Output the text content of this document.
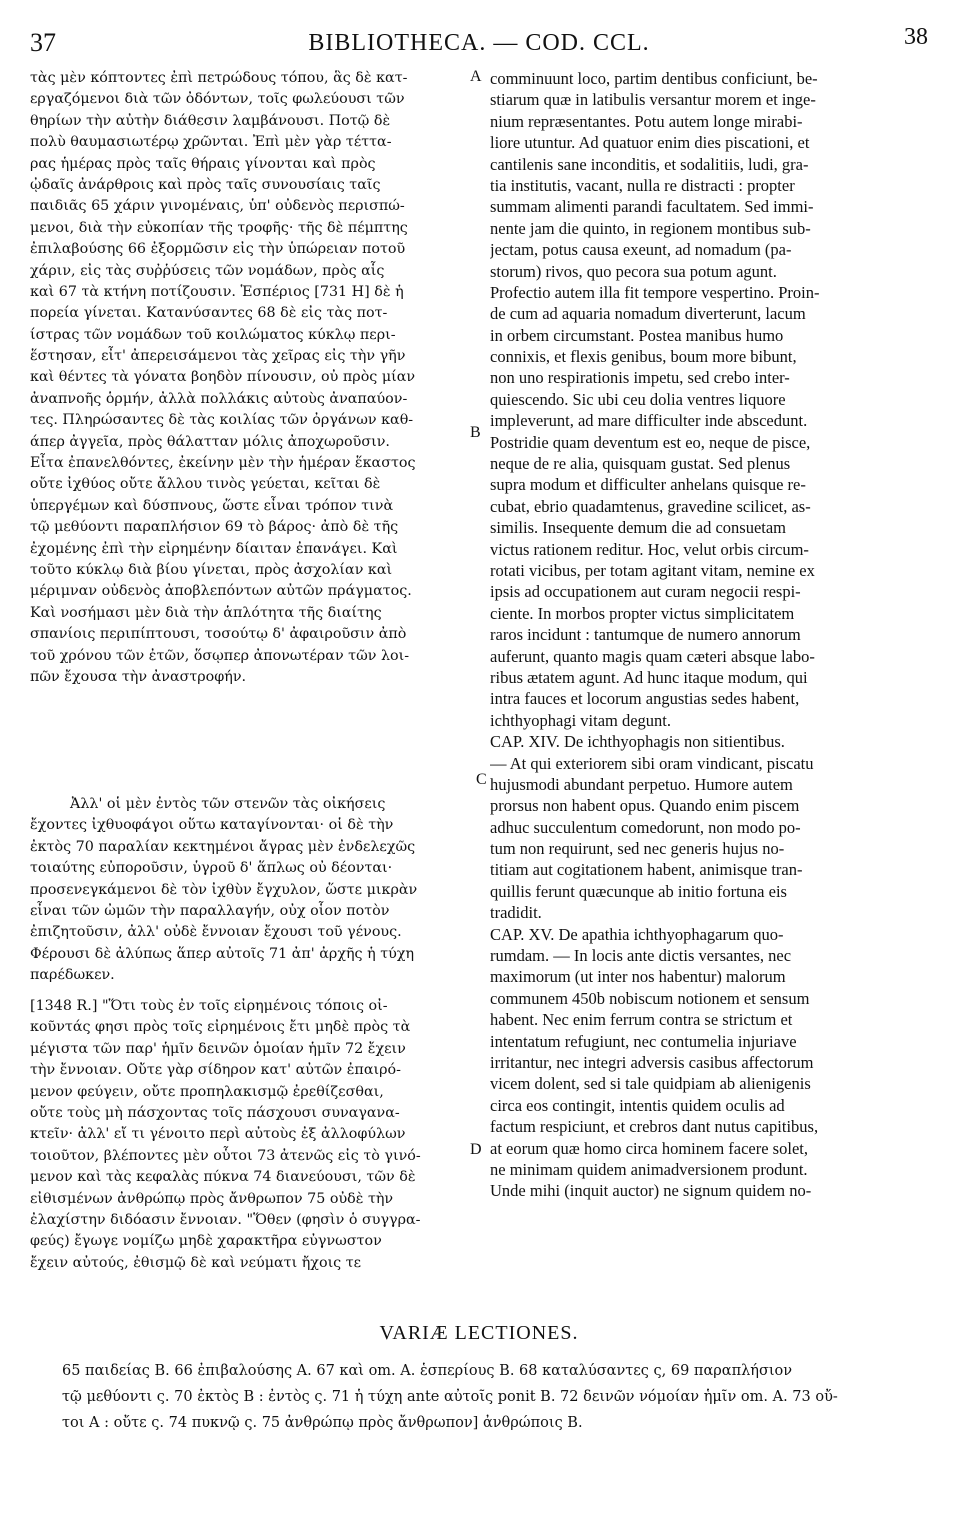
37	BIBLIOTHECA. — COD. CCL.	38
τὰς μὲν κόπτοντες ἐπὶ πετρώδους τόπου, ἃς δὲ κατ-
εργαζόμενοι διὰ τῶν ὀδόντων, τοῖς φωλεύουσι τῶν
θηρίων τὴν αὐτὴν διάθεσιν λαμβάνουσι. Ποτῷ δὲ
πολὺ θαυμασιωτέρῳ χρῶνται. Ἐπὶ μὲν γὰρ τέττα-
ρας ἡμέρας πρὸς ταῖς θήραις γίνονται καὶ πρὸς
ᾠδαῖς ἀνάρθροις καὶ πρὸς ταῖς συνουσίαις ταῖς
παιδιᾶς 65 χάριν γινομέναις, ὑπ' οὐδενὸς περισπώ-
μενοι, διὰ τὴν εὐκοπίαν τῆς τροφῆς· τῆς δὲ πέμπτης
ἐπιλαβούσης 66 ἐξορμῶσιν εἰς τὴν ὑπώρειαν ποτοῦ
χάριν, εἰς τὰς συῤῥύσεις τῶν νομάδων, πρὸς αἷς
καὶ 67 τὰ κτήνη ποτίζουσιν. Ἑσπέριος [731 Η] δὲ ἡ
πορεία γίνεται. Κατανύσαντες 68 δὲ εἰς τὰς ποτ-
ίστρας τῶν νομάδων τοῦ κοιλώματος κύκλῳ περι-
ἕστησαν, εἶτ' ἀπερεισάμενοι τὰς χεῖρας εἰς τὴν γῆν
καὶ θέντες τὰ γόνατα βοηδὸν πίνουσιν, οὐ πρὸς μίαν
ἀναπνοῆς ὁρμήν, ἀλλὰ πολλάκις αὐτοὺς ἀναπαύον-
τες. Πληρώσαντες δὲ τὰς κοιλίας τῶν ὀργάνων καθ-
άπερ ἀγγεῖα, πρὸς θάλατταν μόλις ἀποχωροῦσιν.
Εἶτα ἐπανελθόντες, ἐκείνην μὲν τὴν ἡμέραν ἕκαστος
οὔτε ἰχθύος οὔτε ἄλλου τινὸς γεύεται, κεῖται δὲ
ὑπεργέμων καὶ δύσπνους, ὥστε εἶναι τρόπον τινὰ
τῷ μεθύοντι παραπλήσιον 69 τὸ βάρος· ἀπὸ δὲ τῆς
ἐχομένης ἐπὶ τὴν εἰρημένην δίαιταν ἐπανάγει. Καὶ
τοῦτο κύκλῳ διὰ βίου γίνεται, πρὸς ἀσχολίαν καὶ
μέριμναν οὐδενὸς ἀποβλεπόντων αὐτῶν πράγματος.
Καὶ νοσήμασι μὲν διὰ τὴν ἁπλότητα τῆς διαίτης
σπανίοις περιπίπτουσι, τοσούτῳ δ' ἀφαιροῦσιν ἀπὸ
τοῦ χρόνου τῶν ἐτῶν, ὅσῳπερ ἀπονωτέραν τῶν λοι-
πῶν ἔχουσα τὴν ἀναστροφήν.
Ἀλλ' οἱ μὲν ἐντὸς τῶν στενῶν τὰς οἰκήσεις
ἔχοντες ἰχθυοφάγοι οὕτω καταγίνονται· οἱ δὲ τὴν
ἐκτὸς 70 παραλίαν κεκτημένοι ἄγρας μὲν ἐνδελεχῶς
τοιαύτης εὐποροῦσιν, ὑγροῦ δ' ἅπλως οὐ δέονται·
προσενεγκάμενοι δὲ τὸν ἰχθὺν ἔγχυλον, ὥστε μικρὰν
εἶναι τῶν ὠμῶν τὴν παραλλαγήν, οὐχ οἷον ποτὸν
ἐπιζητοῦσιν, ἀλλ' οὐδὲ ἔννοιαν ἔχουσι τοῦ γένους.
Φέρουσι δὲ ἀλύπως ἅπερ αὐτοῖς 71 ἀπ' ἀρχῆς ἡ τύχη
παρέδωκεν.
[1348 R.] "Ὅτι τοὺς ἐν τοῖς εἰρημένοις τόποις οἰ-
κοῦντάς φησι πρὸς τοῖς εἰρημένοις ἔτι μηδὲ πρὸς τὰ
μέγιστα τῶν παρ' ἡμῖν δεινῶν ὁμοίαν ἡμῖν 72 ἔχειν
τὴν ἔννοιαν. Οὔτε γὰρ σίδηρον κατ' αὐτῶν ἐπαιρό-
μενον φεύγειν, οὔτε προπηλακισμῷ ἐρεθίζεσθαι,
οὔτε τοὺς μὴ πάσχοντας τοῖς πάσχουσι συναγανα-
κτεῖν· ἀλλ' εἴ τι γένοιτο περὶ αὐτοὺς ἐξ ἀλλοφύλων
τοιοῦτον, βλέποντες μὲν οὗτοι 73 ἀτενῶς εἰς τὸ γινό-
μενον καὶ τὰς κεφαλὰς πύκνα 74 διανεύουσι, τῶν δὲ
εἰθισμένων ἀνθρώπῳ πρὸς ἄνθρωπον 75 οὐδὲ τὴν
ἐλαχίστην διδόασιν ἔννοιαν. "Ὅθεν (φησὶν ὁ συγγρα-
φεύς) ἔγωγε νομίζω μηδὲ χαρακτῆρα εὐγνωστον
ἔχειν αὐτούς, ἐθισμῷ δὲ καὶ νεύματι ἤχοις τε
A
B
C
D
comminuunt loco, partim dentibus conficiunt, be-
stiarum quæ in latibulis versantur morem et inge-
nium repræsentantes. Potu autem longe mirabi-
liore utuntur. Ad quatuor enim dies piscationi, et
cantilenis sane inconditis, et sodalitiis, ludi, gra-
tia institutis, vacant, nulla re distracti : propter
summam alimenti parandi facultatem. Sed immi-
nente jam die quinto, in regionem montibus sub-
jectam, potus causa exeunt, ad nomadum (pa-
storum) rivos, quo pecora sua potum agunt.
Profectio autem illa fit tempore vespertino. Proin-
de cum ad aquaria nomadum diverterunt, lacum
in orbem circumstant. Postea manibus humo
connixis, et flexis genibus, boum more bibunt,
non uno respirationis impetu, sed crebo inter-
quiescendo. Sic ubi ceu dolia ventres liquore
impleverunt, ad mare difficulter inde abscedunt.
Postridie quam deventum est eo, neque de pisce,
neque de re alia, quisquam gustat. Sed plenus
supra modum et difficulter anhelans quisque re-
cubat, ebrio quadamtenus, gravedine scilicet, as-
similis. Insequente demum die ad consuetam
victus rationem reditur. Hoc, velut orbis circum-
rotati vicibus, per totam agitant vitam, nemine ex
ipsis ad occupationem aut curam negocii respi-
ciente. In morbos propter victus simplicitatem
raros incidunt : tantumque de numero annorum
auferunt, quanto magis quam cæteri absque labo-
ribus ætatem agunt. Ad hunc itaque modum, qui
intra fauces et locorum angustias sedes habent,
ichthyophagi vitam degunt.
CAP. XIV. De ichthyophagis non sitientibus.
— At qui exteriorem sibi oram vindicant, piscatu
hujusmodi abundant perpetuo. Humore autem
prorsus non habent opus. Quando enim piscem
adhuc succulentum comedorunt, non modo po-
tum non requirunt, sed nec generis hujus no-
titiam aut cogitationem habent, animisque tran-
quillis ferunt quæcunque ab initio fortuna eis
tradidit.
CAP. XV. De apathia ichthyophagarum quo-
rumdam. — In locis ante dictis versantes, nec
maximorum (ut inter nos habentur) malorum
communem 450b nobiscum notionem et sensum
habent. Nec enim ferrum contra se strictum et
intentatum refugiunt, nec contumelia injuriave
irritantur, nec integri adversis casibus affectorum
vicem dolent, sed si tale quidpiam ab alienigenis
circa eos contingit, intentis quidem oculis ad
factum respiciunt, et crebros dant nutus capitibus,
at eorum quæ homo circa hominem facere solet,
ne minimam quidem animadversionem produnt.
Unde mihi (inquit auctor) ne signum quidem no-
VARIÆ LECTIONES.
65 παιδείας B. 66 ἐπιβαλούσης A. 67 καὶ om. A. ἑσπερίους B. 68 καταλύσαντες ς, 69 παραπλήσιον
τῷ μεθύοντι ς. 70 ἐκτὸς B : ἐντὸς ς. 71 ἡ τύχη ante αὐτοῖς ponit B. 72 δεινῶν νόμοίαν ἡμῖν om. A. 73 οὔ-
τοι A : οὔτε ς. 74 πυκνῷ ς. 75 ἀνθρώπῳ πρὸς ἄνθρωπον] ἀνθρώποις B.
